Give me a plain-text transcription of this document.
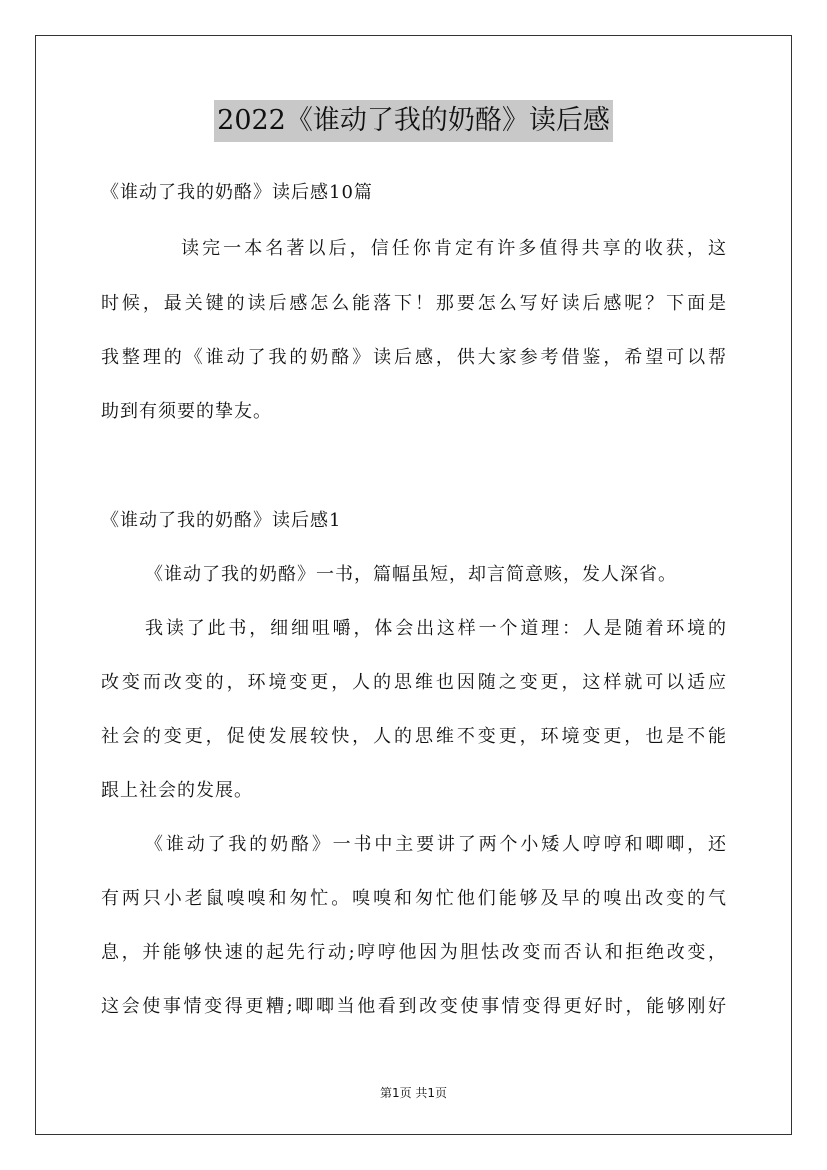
2022《谁动了我的奶酪》读后感
《谁动了我的奶酪》读后感10篇
读完一本名著以后，信任你肯定有许多值得共享的收获，这
时候，最关键的读后感怎么能落下！那要怎么写好读后感呢？下面是
我整理的《谁动了我的奶酪》读后感，供大家参考借鉴，希望可以帮
助到有须要的挚友。
《谁动了我的奶酪》读后感1
《谁动了我的奶酪》一书，篇幅虽短，却言简意赅，发人深省。
我读了此书，细细咀嚼，体会出这样一个道理：人是随着环境的
改变而改变的，环境变更，人的思维也因随之变更，这样就可以适应
社会的变更，促使发展较快，人的思维不变更，环境变更，也是不能
跟上社会的发展。
《谁动了我的奶酪》一书中主要讲了两个小矮人哼哼和唧唧，还
有两只小老鼠嗅嗅和匆忙。嗅嗅和匆忙他们能够及早的嗅出改变的气
息，并能够快速的起先行动;哼哼他因为胆怯改变而否认和拒绝改变，
这会使事情变得更糟;唧唧当他看到改变使事情变得更好时，能够刚好
第1页 共1页
